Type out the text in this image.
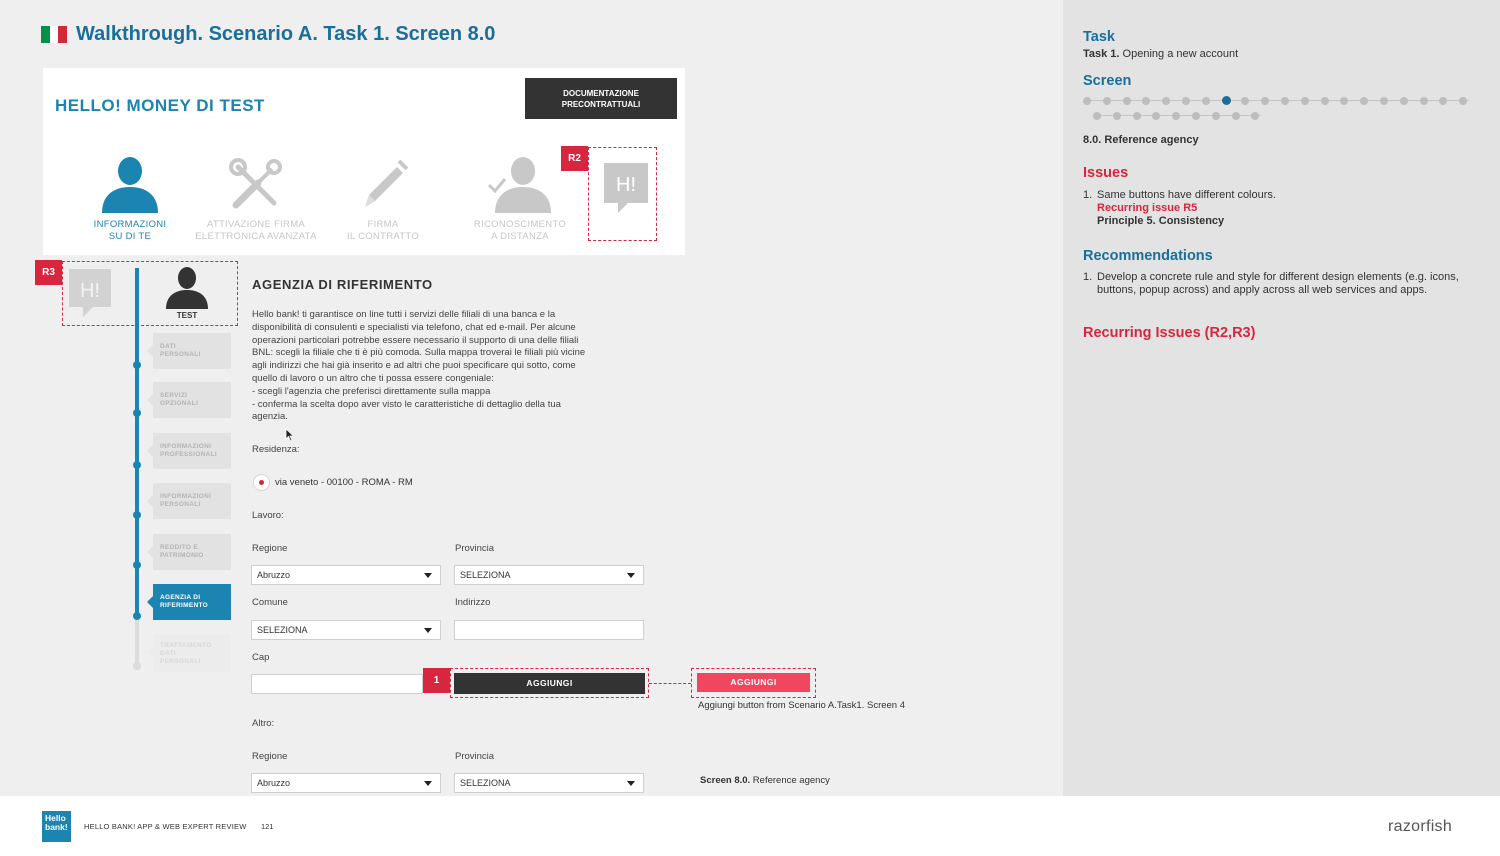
Walkthrough. Scenario A. Task 1. Screen 8.0
HELLO! MONEY DI TEST
DOCUMENTAZIONE PRECONTRATTUALI
INFORMAZIONI
SU DI TE
ATTIVAZIONE FIRMA
ELETTRONICA AVANZATA
FIRMA
IL CONTRATTO
RICONOSCIMENTO
A DISTANZA
H!
R2
R3
H!
TEST
DATI
PERSONALI
SERVIZI
OPZIONALI
INFORMAZIONI
PROFESSIONALI
INFORMAZIONI
PERSONALI
REDDITO E
PATRIMONIO
AGENZIA DI
RIFERIMENTO
TRATTAMENTO
DATI
PERSONALI
AGENZIA DI RIFERIMENTO

Hello bank! ti garantisce on line tutti i servizi delle filiali di una banca e la

disponibilità di consulenti e specialisti via telefono, chat ed e-mail. Per alcune

operazioni particolari potrebbe essere necessario il supporto di una delle filiali

BNL: scegli la filiale che ti è più comoda. Sulla mappa troverai le filiali più vicine

agli indirizzi che hai già inserito e ad altri che puoi specificare qui sotto, come

quello di lavoro o un altro che ti possa essere congeniale:

- scegli l'agenzia che preferisci direttamente sulla mappa

- conferma la scelta dopo aver visto le caratteristiche di dettaglio della tua

agenzia.

Residenza:
via veneto - 00100 - ROMA - RM
Lavoro:
Regione	Provincia
Abruzzo	SELEZIONA
Comune	Indirizzo
SELEZIONA
Cap
1	AGGIUNGI	AGGIUNGI
Aggiungi button from Scenario A.Task1. Screen 4
Altro:
Regione	Provincia
Abruzzo	SELEZIONA	Screen 8.0. Reference agency
Task
Task 1. Opening a new account
Screen
8.0. Reference agency
Issues
1. Same buttons have different colours.
Recurring issue R5
Principle 5. Consistency
Recommendations
1. Develop a concrete rule and style for different design elements (e.g. icons, buttons, popup across) and apply across all web services and apps.
Recurring Issues (R2,R3)
Hello
bank!	HELLO BANK! APP & WEB EXPERT REVIEW 121	razorfish
